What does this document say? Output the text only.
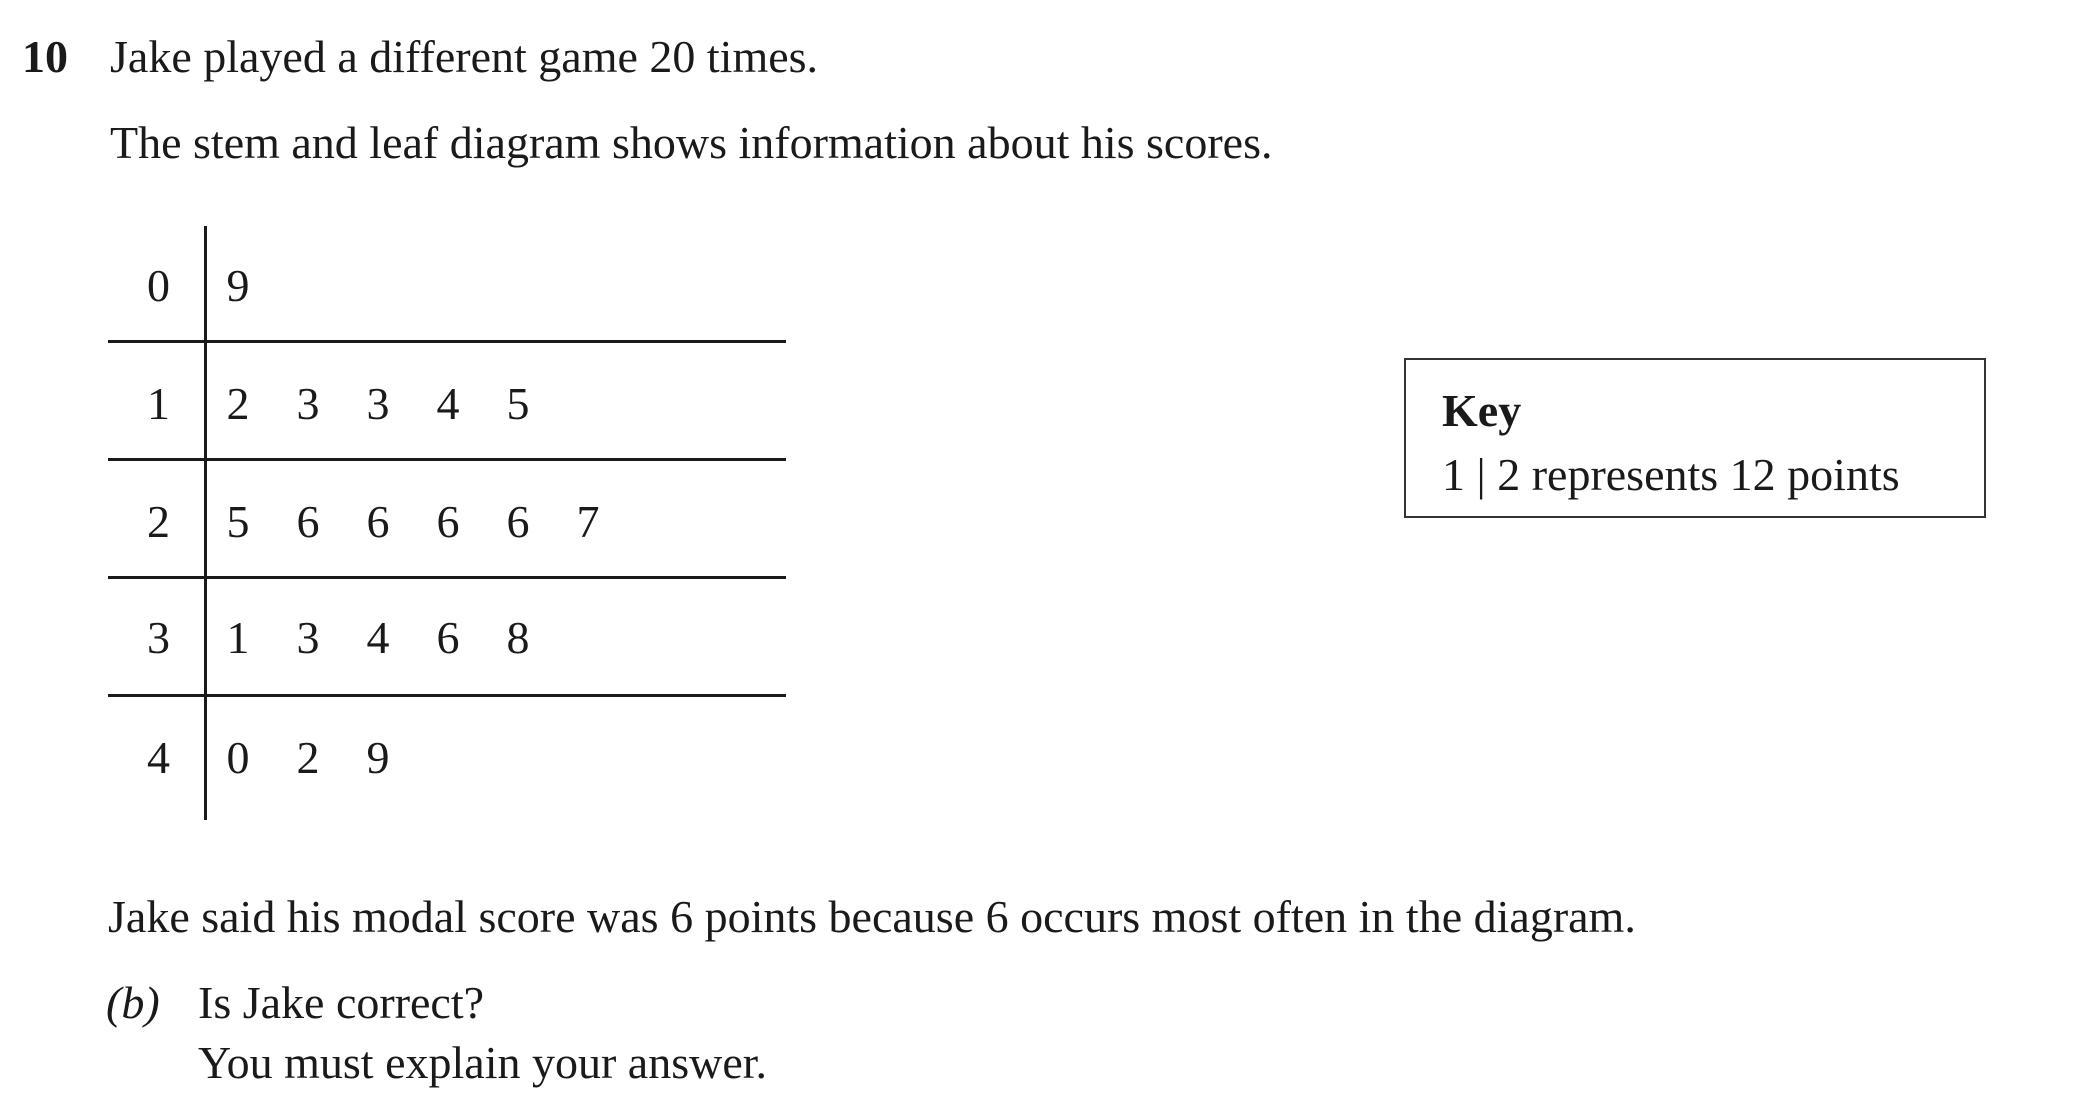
10 Jake played a different game 20 times.
The stem and leaf diagram shows information about his scores.
0 9
1 2 3 3 4 5
2 5 6 6 6 6 7
3 1 3 4 6 8
4 0 2 9
Key
1 | 2 represents 12 points
Jake said his modal score was 6 points because 6 occurs most often in the diagram.
(b) Is Jake correct?
You must explain your answer.
